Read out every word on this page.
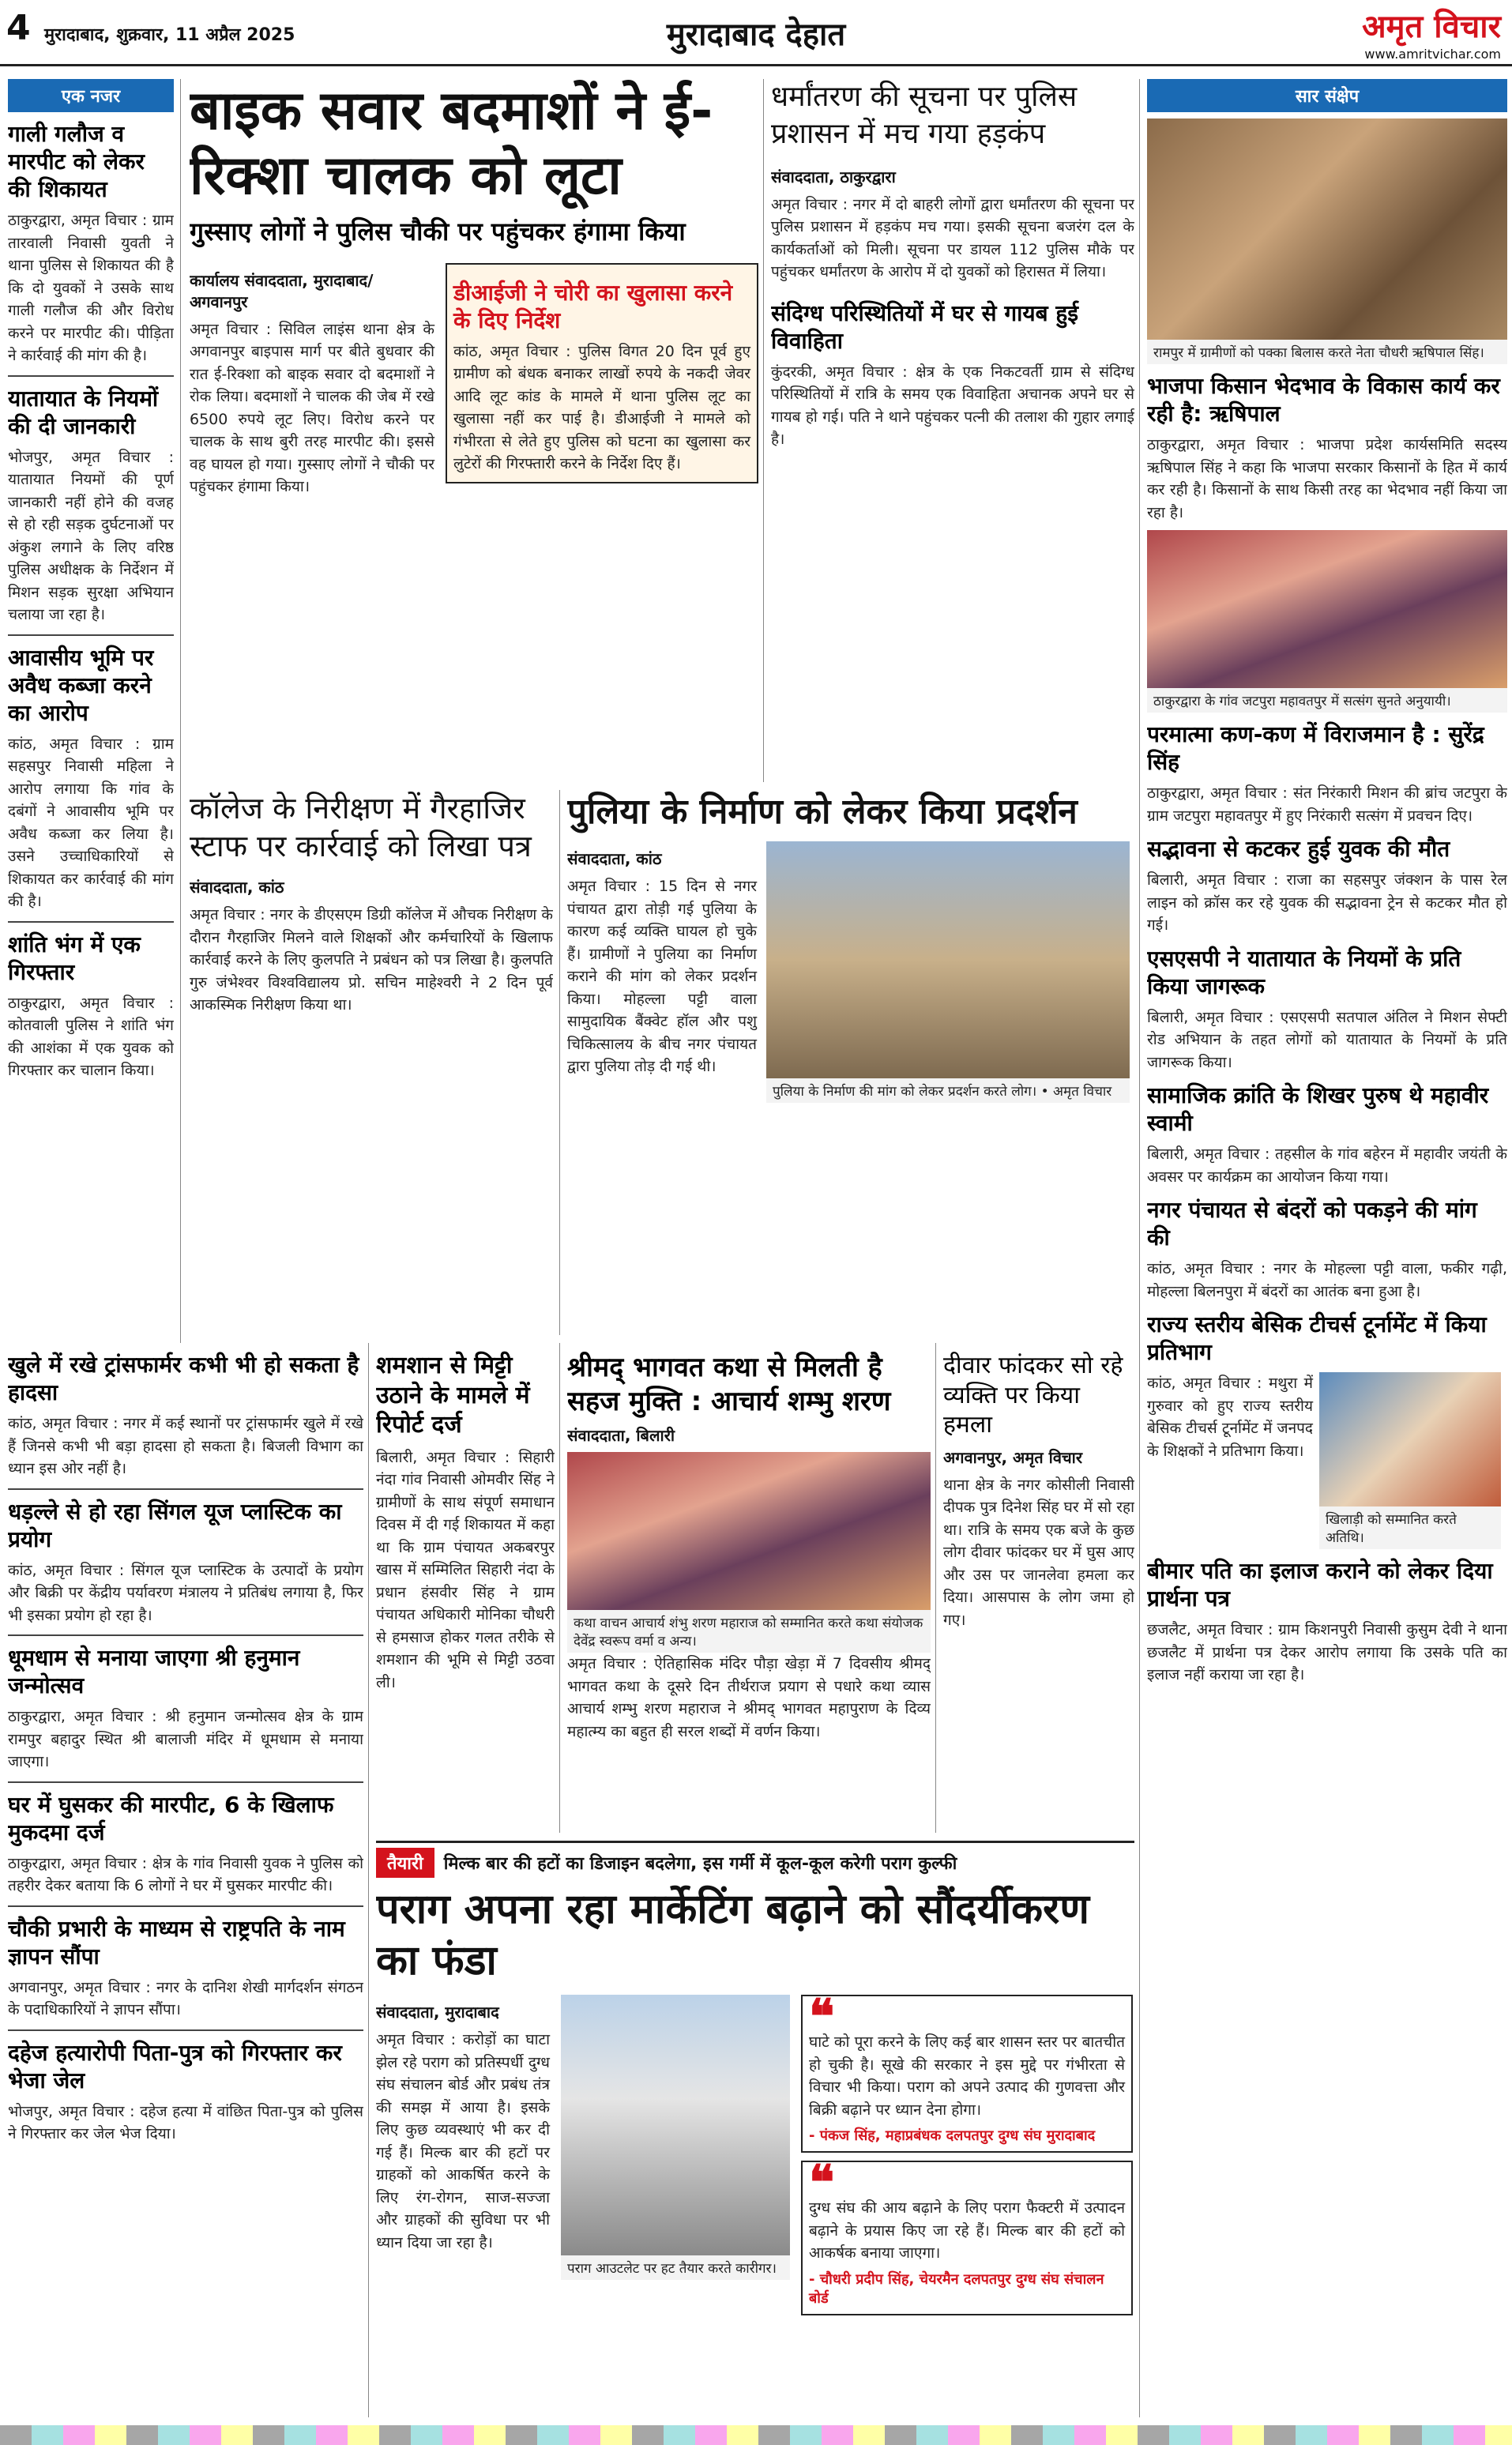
4 मुरादाबाद, शुक्रवार, 11 अप्रैल 2025	मुरादाबाद देहात	अमृत विचार
www.amritvichar.com
एक नजर
गाली गलौज व मारपीट को लेकर की शिकायत
ठाकुरद्वारा, अमृत विचार : ग्राम तारवाली निवासी युवती ने थाना पुलिस से शिकायत की है कि दो युवकों ने उसके साथ गाली गलौज की और विरोध करने पर मारपीट की। पीड़िता ने कार्रवाई की मांग की है।
यातायात के नियमों की दी जानकारी
भोजपुर, अमृत विचार : यातायात नियमों की पूर्ण जानकारी नहीं होने की वजह से हो रही सड़क दुर्घटनाओं पर अंकुश लगाने के लिए वरिष्ठ पुलिस अधीक्षक के निर्देशन में मिशन सड़क सुरक्षा अभियान चलाया जा रहा है।
आवासीय भूमि पर अवैध कब्जा करने का आरोप
कांठ, अमृत विचार : ग्राम सहसपुर निवासी महिला ने आरोप लगाया कि गांव के दबंगों ने आवासीय भूमि पर अवैध कब्जा कर लिया है। उसने उच्चाधिकारियों से शिकायत कर कार्रवाई की मांग की है।
शांति भंग में एक गिरफ्तार
ठाकुरद्वारा, अमृत विचार : कोतवाली पुलिस ने शांति भंग की आशंका में एक युवक को गिरफ्तार कर चालान किया।
बाइक सवार बदमाशों ने ई-रिक्शा चालक को लूटा
गुस्साए लोगों ने पुलिस चौकी पर पहुंचकर हंगामा किया
कार्यालय संवाददाता, मुरादाबाद/ अगवानपुर
अमृत विचार : सिविल लाइंस थाना क्षेत्र के अगवानपुर बाइपास मार्ग पर बीते बुधवार की रात ई-रिक्शा को बाइक सवार दो बदमाशों ने रोक लिया। बदमाशों ने चालक की जेब में रखे 6500 रुपये लूट लिए। विरोध करने पर चालक के साथ बुरी तरह मारपीट की। इससे वह घायल हो गया। गुस्साए लोगों ने चौकी पर पहुंचकर हंगामा किया।
डीआईजी ने चोरी का खुलासा करने के दिए निर्देश
कांठ, अमृत विचार : पुलिस विगत 20 दिन पूर्व हुए ग्रामीण को बंधक बनाकर लाखों रुपये के नकदी जेवर आदि लूट कांड के मामले में थाना पुलिस लूट का खुलासा नहीं कर पाई है। डीआईजी ने मामले को गंभीरता से लेते हुए पुलिस को घटना का खुलासा कर लुटेरों की गिरफ्तारी करने के निर्देश दिए हैं।
धर्मांतरण की सूचना पर पुलिस प्रशासन में मच गया हड़कंप
संवाददाता, ठाकुरद्वारा
अमृत विचार : नगर में दो बाहरी लोगों द्वारा धर्मांतरण की सूचना पर पुलिस प्रशासन में हड़कंप मच गया। इसकी सूचना बजरंग दल के कार्यकर्ताओं को मिली। सूचना पर डायल 112 पुलिस मौके पर पहुंचकर धर्मांतरण के आरोप में दो युवकों को हिरासत में लिया।
संदिग्ध परिस्थितियों में घर से गायब हुई विवाहिता
कुंदरकी, अमृत विचार : क्षेत्र के एक निकटवर्ती ग्राम से संदिग्ध परिस्थितियों में रात्रि के समय एक विवाहिता अचानक अपने घर से गायब हो गई। पति ने थाने पहुंचकर पत्नी की तलाश की गुहार लगाई है।
कॉलेज के निरीक्षण में गैरहाजिर स्टाफ पर कार्रवाई को लिखा पत्र
संवाददाता, कांठ
अमृत विचार : नगर के डीएसएम डिग्री कॉलेज में औचक निरीक्षण के दौरान गैरहाजिर मिलने वाले शिक्षकों और कर्मचारियों के खिलाफ कार्रवाई करने के लिए कुलपति ने प्रबंधन को पत्र लिखा है। कुलपति गुरु जंभेश्वर विश्वविद्यालय प्रो. सचिन माहेश्वरी ने 2 दिन पूर्व आकस्मिक निरीक्षण किया था।
पुलिया के निर्माण को लेकर किया प्रदर्शन
संवाददाता, कांठ
अमृत विचार : 15 दिन से नगर पंचायत द्वारा तोड़ी गई पुलिया के कारण कई व्यक्ति घायल हो चुके हैं। ग्रामीणों ने पुलिया का निर्माण कराने की मांग को लेकर प्रदर्शन किया। मोहल्ला पट्टी वाला सामुदायिक बैंक्वेट हॉल और पशु चिकित्सालय के बीच नगर पंचायत द्वारा पुलिया तोड़ दी गई थी।
पुलिया के निर्माण की मांग को लेकर प्रदर्शन करते लोग। • अमृत विचार
सार संक्षेप
रामपुर में ग्रामीणों को पक्का बिलास करते नेता चौधरी ऋषिपाल सिंह।
भाजपा किसान भेदभाव के विकास कार्य कर रही है: ऋषिपाल
ठाकुरद्वारा, अमृत विचार : भाजपा प्रदेश कार्यसमिति सदस्य ऋषिपाल सिंह ने कहा कि भाजपा सरकार किसानों के हित में कार्य कर रही है। किसानों के साथ किसी तरह का भेदभाव नहीं किया जा रहा है।
ठाकुरद्वारा के गांव जटपुरा महावतपुर में सत्संग सुनते अनुयायी।
परमात्मा कण-कण में विराजमान है : सुरेंद्र सिंह
ठाकुरद्वारा, अमृत विचार : संत निरंकारी मिशन की ब्रांच जटपुरा के ग्राम जटपुरा महावतपुर में हुए निरंकारी सत्संग में प्रवचन दिए।
सद्भावना से कटकर हुई युवक की मौत
बिलारी, अमृत विचार : राजा का सहसपुर जंक्शन के पास रेल लाइन को क्रॉस कर रहे युवक की सद्भावना ट्रेन से कटकर मौत हो गई।
एसएसपी ने यातायात के नियमों के प्रति किया जागरूक
बिलारी, अमृत विचार : एसएसपी सतपाल अंतिल ने मिशन सेफ्टी रोड अभियान के तहत लोगों को यातायात के नियमों के प्रति जागरूक किया।
सामाजिक क्रांति के शिखर पुरुष थे महावीर स्वामी
बिलारी, अमृत विचार : तहसील के गांव बहेरन में महावीर जयंती के अवसर पर कार्यक्रम का आयोजन किया गया।
नगर पंचायत से बंदरों को पकड़ने की मांग की
कांठ, अमृत विचार : नगर के मोहल्ला पट्टी वाला, फकीर गढ़ी, मोहल्ला बिलनपुरा में बंदरों का आतंक बना हुआ है।
राज्य स्तरीय बेसिक टीचर्स टूर्नामेंट में किया प्रतिभाग
कांठ, अमृत विचार : मथुरा में गुरुवार को हुए राज्य स्तरीय बेसिक टीचर्स टूर्नामेंट में जनपद के शिक्षकों ने प्रतिभाग किया।
खिलाड़ी को सम्मानित करते अतिथि।
बीमार पति का इलाज कराने को लेकर दिया प्रार्थना पत्र
छजलैट, अमृत विचार : ग्राम किशनपुरी निवासी कुसुम देवी ने थाना छजलैट में प्रार्थना पत्र देकर आरोप लगाया कि उसके पति का इलाज नहीं कराया जा रहा है।
खुले में रखे ट्रांसफार्मर कभी भी हो सकता है हादसा
कांठ, अमृत विचार : नगर में कई स्थानों पर ट्रांसफार्मर खुले में रखे हैं जिनसे कभी भी बड़ा हादसा हो सकता है। बिजली विभाग का ध्यान इस ओर नहीं है।
धड़ल्ले से हो रहा सिंगल यूज प्लास्टिक का प्रयोग
कांठ, अमृत विचार : सिंगल यूज प्लास्टिक के उत्पादों के प्रयोग और बिक्री पर केंद्रीय पर्यावरण मंत्रालय ने प्रतिबंध लगाया है, फिर भी इसका प्रयोग हो रहा है।
धूमधाम से मनाया जाएगा श्री हनुमान जन्मोत्सव
ठाकुरद्वारा, अमृत विचार : श्री हनुमान जन्मोत्सव क्षेत्र के ग्राम रामपुर बहादुर स्थित श्री बालाजी मंदिर में धूमधाम से मनाया जाएगा।
घर में घुसकर की मारपीट, 6 के खिलाफ मुकदमा दर्ज
ठाकुरद्वारा, अमृत विचार : क्षेत्र के गांव निवासी युवक ने पुलिस को तहरीर देकर बताया कि 6 लोगों ने घर में घुसकर मारपीट की।
चौकी प्रभारी के माध्यम से राष्ट्रपति के नाम ज्ञापन सौंपा
अगवानपुर, अमृत विचार : नगर के दानिश शेखी मार्गदर्शन संगठन के पदाधिकारियों ने ज्ञापन सौंपा।
दहेज हत्यारोपी पिता-पुत्र को गिरफ्तार कर भेजा जेल
भोजपुर, अमृत विचार : दहेज हत्या में वांछित पिता-पुत्र को पुलिस ने गिरफ्तार कर जेल भेज दिया।
शमशान से मिट्टी उठाने के मामले में रिपोर्ट दर्ज
बिलारी, अमृत विचार : सिहारी नंदा गांव निवासी ओमवीर सिंह ने ग्रामीणों के साथ संपूर्ण समाधान दिवस में दी गई शिकायत में कहा था कि ग्राम पंचायत अकबरपुर खास में सम्मिलित सिहारी नंदा के प्रधान हंसवीर सिंह ने ग्राम पंचायत अधिकारी मोनिका चौधरी से हमसाज होकर गलत तरीके से शमशान की भूमि से मिट्टी उठवा ली।
श्रीमद् भागवत कथा से मिलती है सहज मुक्ति : आचार्य शम्भु शरण
संवाददाता, बिलारी
कथा वाचन आचार्य शंभु शरण महाराज को सम्मानित करते कथा संयोजक देवेंद्र स्वरूप वर्मा व अन्य।
अमृत विचार : ऐतिहासिक मंदिर पौड़ा खेड़ा में 7 दिवसीय श्रीमद् भागवत कथा के दूसरे दिन तीर्थराज प्रयाग से पधारे कथा व्यास आचार्य शम्भु शरण महाराज ने श्रीमद् भागवत महापुराण के दिव्य महात्म्य का बहुत ही सरल शब्दों में वर्णन किया।
दीवार फांदकर सो रहे व्यक्ति पर किया हमला
अगवानपुर, अमृत विचार
थाना क्षेत्र के नगर कोसीली निवासी दीपक पुत्र दिनेश सिंह घर में सो रहा था। रात्रि के समय एक बजे के कुछ लोग दीवार फांदकर घर में घुस आए और उस पर जानलेवा हमला कर दिया। आसपास के लोग जमा हो गए।
तैयारी	मिल्क बार की हटों का डिजाइन बदलेगा, इस गर्मी में कूल-कूल करेगी पराग कुल्फी
पराग अपना रहा मार्केटिंग बढ़ाने को सौंदर्यीकरण का फंडा
संवाददाता, मुरादाबाद
अमृत विचार : करोड़ों का घाटा झेल रहे पराग को प्रतिस्पर्धी दुग्ध संघ संचालन बोर्ड और प्रबंध तंत्र की समझ में आया है। इसके लिए कुछ व्यवस्थाएं भी कर दी गई हैं। मिल्क बार की हटों पर ग्राहकों को आकर्षित करने के लिए रंग-रोगन, साज-सज्जा और ग्राहकों की सुविधा पर भी ध्यान दिया जा रहा है।
पराग आउटलेट पर हट तैयार करते कारीगर।
❝
घाटे को पूरा करने के लिए कई बार शासन स्तर पर बातचीत हो चुकी है। सूखे की सरकार ने इस मुद्दे पर गंभीरता से विचार भी किया। पराग को अपने उत्पाद की गुणवत्ता और बिक्री बढ़ाने पर ध्यान देना होगा।
- पंकज सिंह, महाप्रबंधक दलपतपुर दुग्ध संघ मुरादाबाद
❝
दुग्ध संघ की आय बढ़ाने के लिए पराग फैक्टरी में उत्पादन बढ़ाने के प्रयास किए जा रहे हैं। मिल्क बार की हटों को आकर्षक बनाया जाएगा।
- चौधरी प्रदीप सिंह, चेयरमैन दलपतपुर दुग्ध संघ संचालन बोर्ड
